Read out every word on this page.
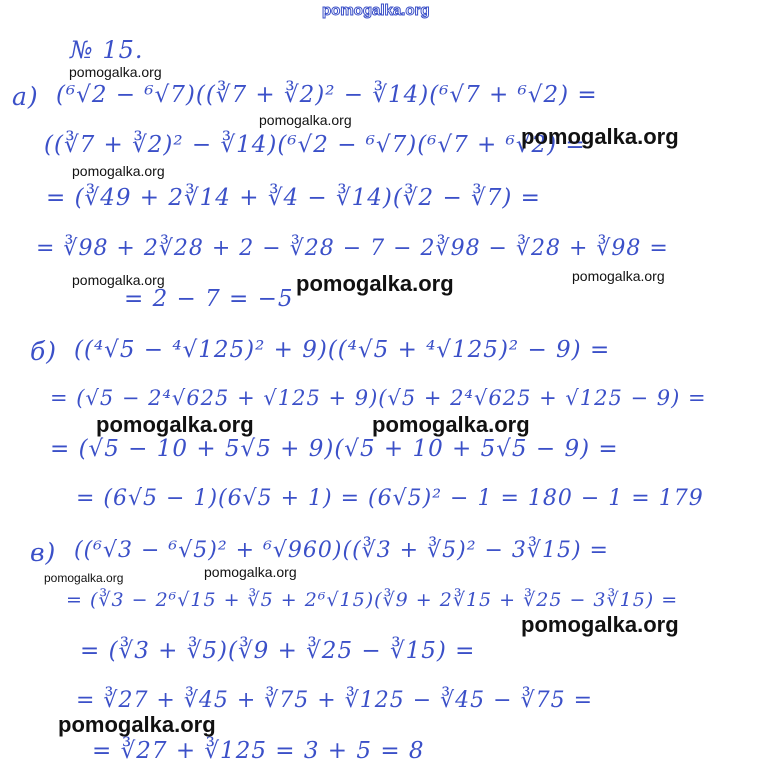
pomogalka.org
№ 15.
а) (⁶√2 − ⁶√7)((∛7 + ∛2)² − ∛14)(⁶√7 + ⁶√2) =
((∛7 + ∛2)² − ∛14)(⁶√2 − ⁶√7)(⁶√7 + ⁶√2) =
= (∛49 + 2∛14 + ∛4 − ∛14)(∛2 − ∛7) =
= ∛98 + 2∛28 + 2 − ∛28 − 7 − 2∛98 − ∛28 + ∛98 =
= 2 − 7 = −5
б) ((⁴√5 − ⁴√125)² + 9)((⁴√5 + ⁴√125)² − 9) =
= (√5 − 2⁴√625 + √125 + 9)(√5 + 2⁴√625 + √125 − 9) =
= (√5 − 10 + 5√5 + 9)(√5 + 10 + 5√5 − 9) =
= (6√5 − 1)(6√5 + 1) = (6√5)² − 1 = 180 − 1 = 179
в) ((⁶√3 − ⁶√5)² + ⁶√960)((∛3 + ∛5)² − 3∛15) =
= (∛3 − 2⁶√15 + ∛5 + 2⁶√15)(∛9 + 2∛15 + ∛25 − 3∛15) =
= (∛3 + ∛5)(∛9 + ∛25 − ∛15) =
= ∛27 + ∛45 + ∛75 + ∛125 − ∛45 − ∛75 =
= ∛27 + ∛125 = 3 + 5 = 8
pomogalka.org
pomogalka.org
pomogalka.org
pomogalka.org
pomogalka.org	pomogalka.org	pomogalka.org
pomogalka.org	pomogalka.org
pomogalka.org	pomogalka.org
pomogalka.org
pomogalka.org
